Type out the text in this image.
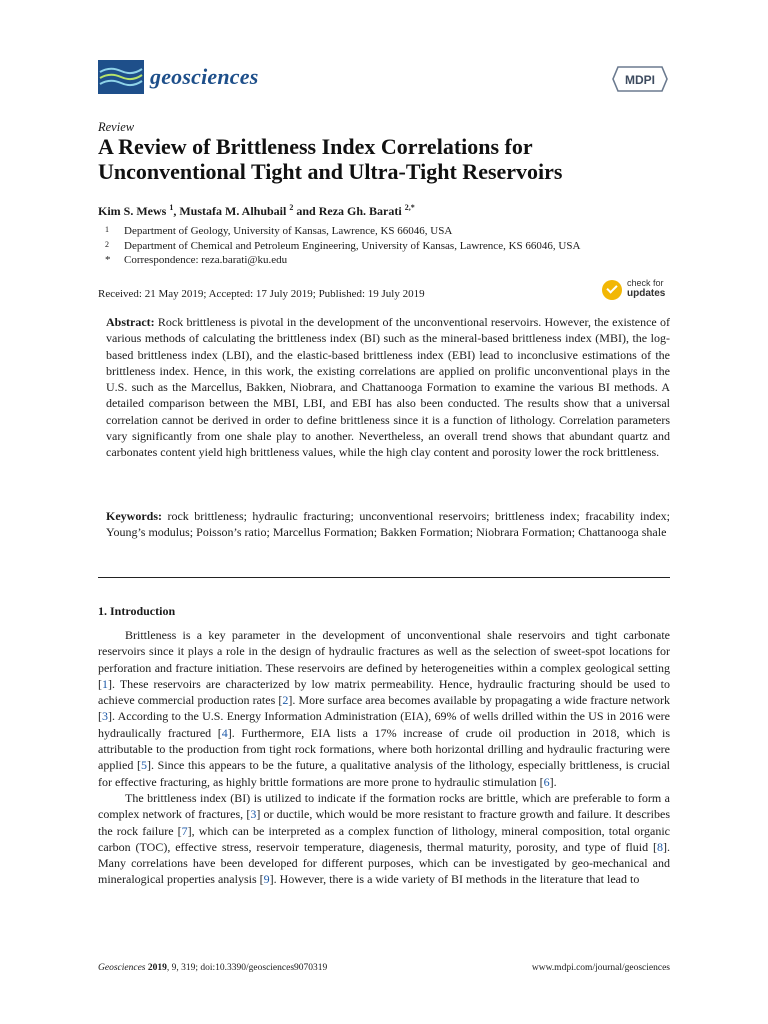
geosciences	MDPI
Review
A Review of Brittleness Index Correlations for Unconventional Tight and Ultra-Tight Reservoirs
Kim S. Mews $^1$, Mustafa M. Alhubail $^2$ and Reza Gh. Barati $^{2,*}$
1 Department of Geology, University of Kansas, Lawrence, KS 66046, USA
2 Department of Chemical and Petroleum Engineering, University of Kansas, Lawrence, KS 66046, USA
* Correspondence: reza.barati@ku.edu
Received: 21 May 2019; Accepted: 17 July 2019; Published: 19 July 2019
check for
updates
Abstract: Rock brittleness is pivotal in the development of the unconventional reservoirs. However, the existence of various methods of calculating the brittleness index (BI) such as the mineral-based brittleness index (MBI), the log-based brittleness index (LBI), and the elastic-based brittleness index (EBI) lead to inconclusive estimations of the brittleness index. Hence, in this work, the existing correlations are applied on prolific unconventional plays in the U.S. such as the Marcellus, Bakken, Niobrara, and Chattanooga Formation to examine the various BI methods. A detailed comparison between the MBI, LBI, and EBI has also been conducted. The results show that a universal correlation cannot be derived in order to define brittleness since it is a function of lithology. Correlation parameters vary significantly from one shale play to another. Nevertheless, an overall trend shows that abundant quartz and carbonates content yield high brittleness values, while the high clay content and porosity lower the rock brittleness.
Keywords: rock brittleness; hydraulic fracturing; unconventional reservoirs; brittleness index; fracability index; Young’s modulus; Poisson’s ratio; Marcellus Formation; Bakken Formation; Niobrara Formation; Chattanooga shale
1. Introduction

Brittleness is a key parameter in the development of unconventional shale reservoirs and tight carbonate reservoirs since it plays a role in the design of hydraulic fractures as well as the selection of sweet-spot locations for perforation and fracture initiation. These reservoirs are defined by heterogeneities within a complex geological setting [1]. These reservoirs are characterized by low matrix permeability. Hence, hydraulic fracturing should be used to achieve commercial production rates [2]. More surface area becomes available by propagating a wide fracture network [3]. According to the U.S. Energy Information Administration (EIA), 69% of wells drilled within the US in 2016 were hydraulically fractured [4]. Furthermore, EIA lists a 17% increase of crude oil production in 2018, which is attributable to the production from tight rock formations, where both horizontal drilling and hydraulic fracturing were applied [5]. Since this appears to be the future, a qualitative analysis of the lithology, especially brittleness, is crucial for effective fracturing, as highly brittle formations are more prone to hydraulic stimulation [6].

The brittleness index (BI) is utilized to indicate if the formation rocks are brittle, which are preferable to form a complex network of fractures, [3] or ductile, which would be more resistant to fracture growth and failure. It describes the rock failure [7], which can be interpreted as a complex function of lithology, mineral composition, total organic carbon (TOC), effective stress, reservoir temperature, diagenesis, thermal maturity, porosity, and type of fluid [8]. Many correlations have been developed for different purposes, which can be investigated by geo-mechanical and mineralogical properties analysis [9]. However, there is a wide variety of BI methods in the literature that lead to

Geosciences 2019, 9, 319; doi:10.3390/geosciences9070319	www.mdpi.com/journal/geosciences
